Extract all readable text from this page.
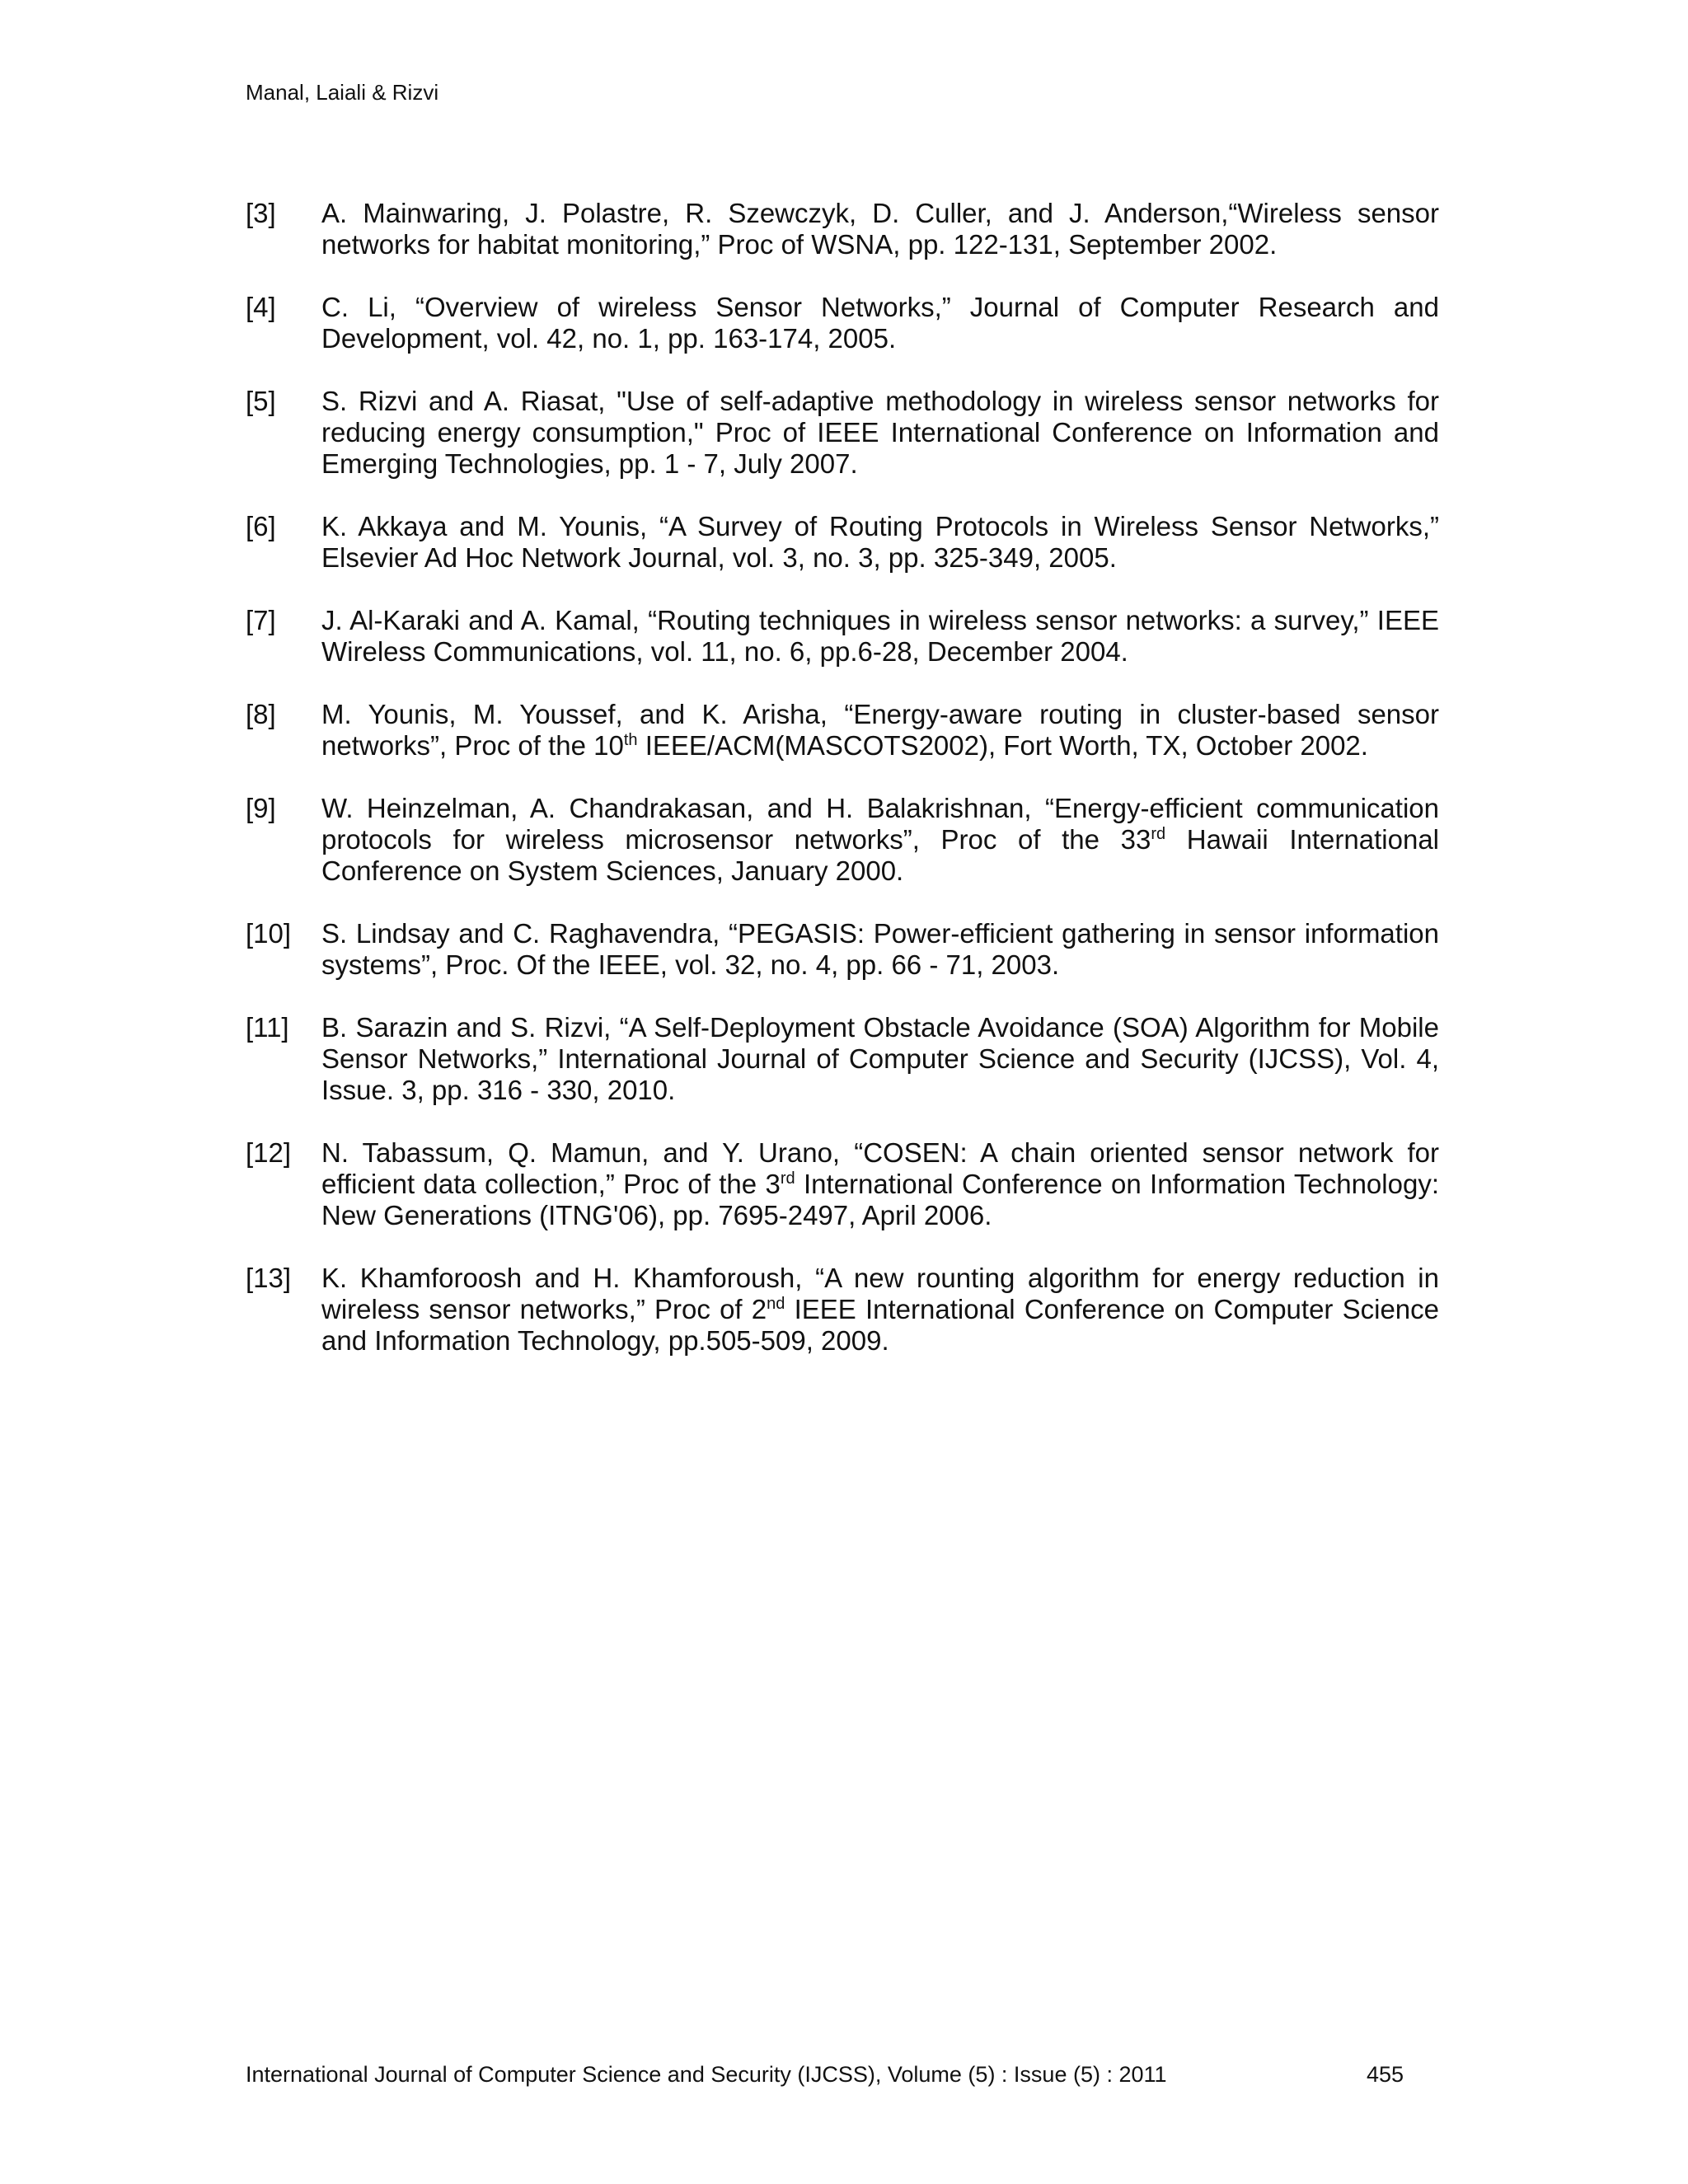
Manal, Laiali & Rizvi
[3] A. Mainwaring, J. Polastre, R. Szewczyk, D. Culler, and J. Anderson,“Wireless sensor networks for habitat monitoring,” Proc of WSNA, pp. 122-131, September 2002.
[4] C. Li, “Overview of wireless Sensor Networks,” Journal of Computer Research and Development, vol. 42, no. 1, pp. 163-174, 2005.
[5] S. Rizvi and A. Riasat, "Use of self-adaptive methodology in wireless sensor networks for reducing energy consumption," Proc of IEEE International Conference on Information and Emerging Technologies, pp. 1 - 7, July 2007.
[6] K. Akkaya and M. Younis, “A Survey of Routing Protocols in Wireless Sensor Networks,” Elsevier Ad Hoc Network Journal, vol. 3, no. 3, pp. 325-349, 2005.
[7] J. Al-Karaki and A. Kamal, “Routing techniques in wireless sensor networks: a survey,” IEEE Wireless Communications, vol. 11, no. 6, pp.6-28, December 2004.
[8] M. Younis, M. Youssef, and K. Arisha, “Energy-aware routing in cluster-based sensor networks”, Proc of the 10th IEEE/ACM(MASCOTS2002), Fort Worth, TX, October 2002.
[9] W. Heinzelman, A. Chandrakasan, and H. Balakrishnan, “Energy-efficient communication protocols for wireless microsensor networks”, Proc of the 33rd Hawaii International Conference on System Sciences, January 2000.
[10] S. Lindsay and C. Raghavendra, “PEGASIS: Power-efficient gathering in sensor information systems”, Proc. Of the IEEE, vol. 32, no. 4, pp. 66 - 71, 2003.
[11] B. Sarazin and S. Rizvi, “A Self-Deployment Obstacle Avoidance (SOA) Algorithm for Mobile Sensor Networks,” International Journal of Computer Science and Security (IJCSS), Vol. 4, Issue. 3, pp. 316 - 330, 2010.
[12] N. Tabassum, Q. Mamun, and Y. Urano, “COSEN: A chain oriented sensor network for efficient data collection,” Proc of the 3rd International Conference on Information Technology: New Generations (ITNG'06), pp. 7695-2497, April 2006.
[13] K. Khamforoosh and H. Khamforoush, “A new rounting algorithm for energy reduction in wireless sensor networks,” Proc of 2nd IEEE International Conference on Computer Science and Information Technology, pp.505-509, 2009.
International Journal of Computer Science and Security (IJCSS), Volume (5) : Issue (5) : 2011	455
